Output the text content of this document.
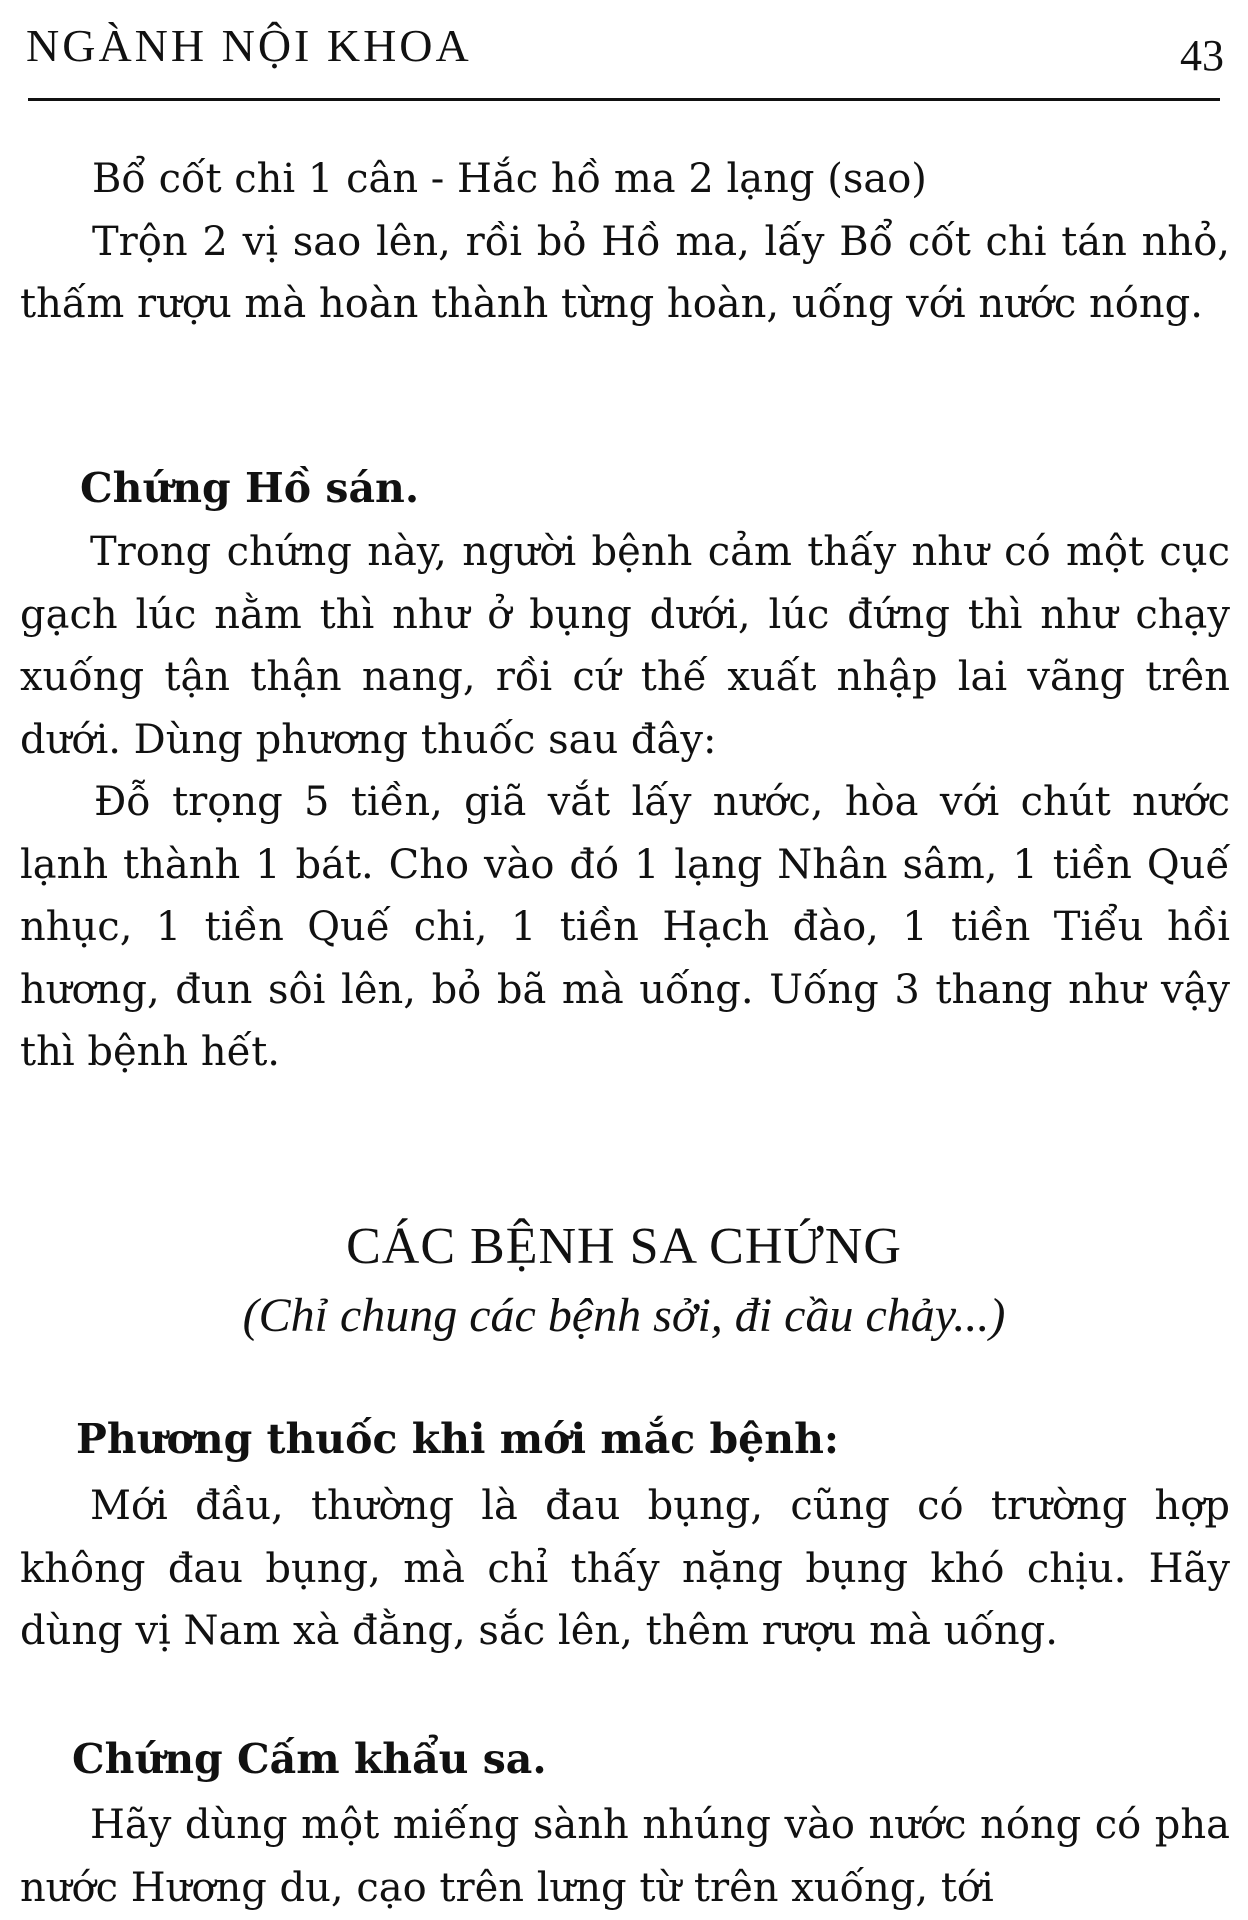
NGÀNH NỘI KHOA	43

Bổ cốt chi 1 cân - Hắc hồ ma 2 lạng (sao)

Trộn 2 vị sao lên, rồi bỏ Hồ ma, lấy Bổ cốt chi tán nhỏ, thấm rượu mà hoàn thành từng hoàn, uống với nước nóng.

Chứng Hồ sán.

Trong chứng này, người bệnh cảm thấy như có một cục gạch lúc nằm thì như ở bụng dưới, lúc đứng thì như chạy xuống tận thận nang, rồi cứ thế xuất nhập lai vãng trên dưới. Dùng phương thuốc sau đây:

Đỗ trọng 5 tiền, giã vắt lấy nước, hòa với chút nước lạnh thành 1 bát. Cho vào đó 1 lạng Nhân sâm, 1 tiền Quế nhục, 1 tiền Quế chi, 1 tiền Hạch đào, 1 tiền Tiểu hồi hương, đun sôi lên, bỏ bã mà uống. Uống 3 thang như vậy thì bệnh hết.

CÁC BỆNH SA CHỨNG
(Chỉ chung các bệnh sởi, đi cầu chảy...)
Phương thuốc khi mới mắc bệnh:

Mới đầu, thường là đau bụng, cũng có trường hợp không đau bụng, mà chỉ thấy nặng bụng khó chịu. Hãy dùng vị Nam xà đằng, sắc lên, thêm rượu mà uống.

Chứng Cấm khẩu sa.

Hãy dùng một miếng sành nhúng vào nước nóng có pha nước Hương du, cạo trên lưng từ trên xuống, tới
